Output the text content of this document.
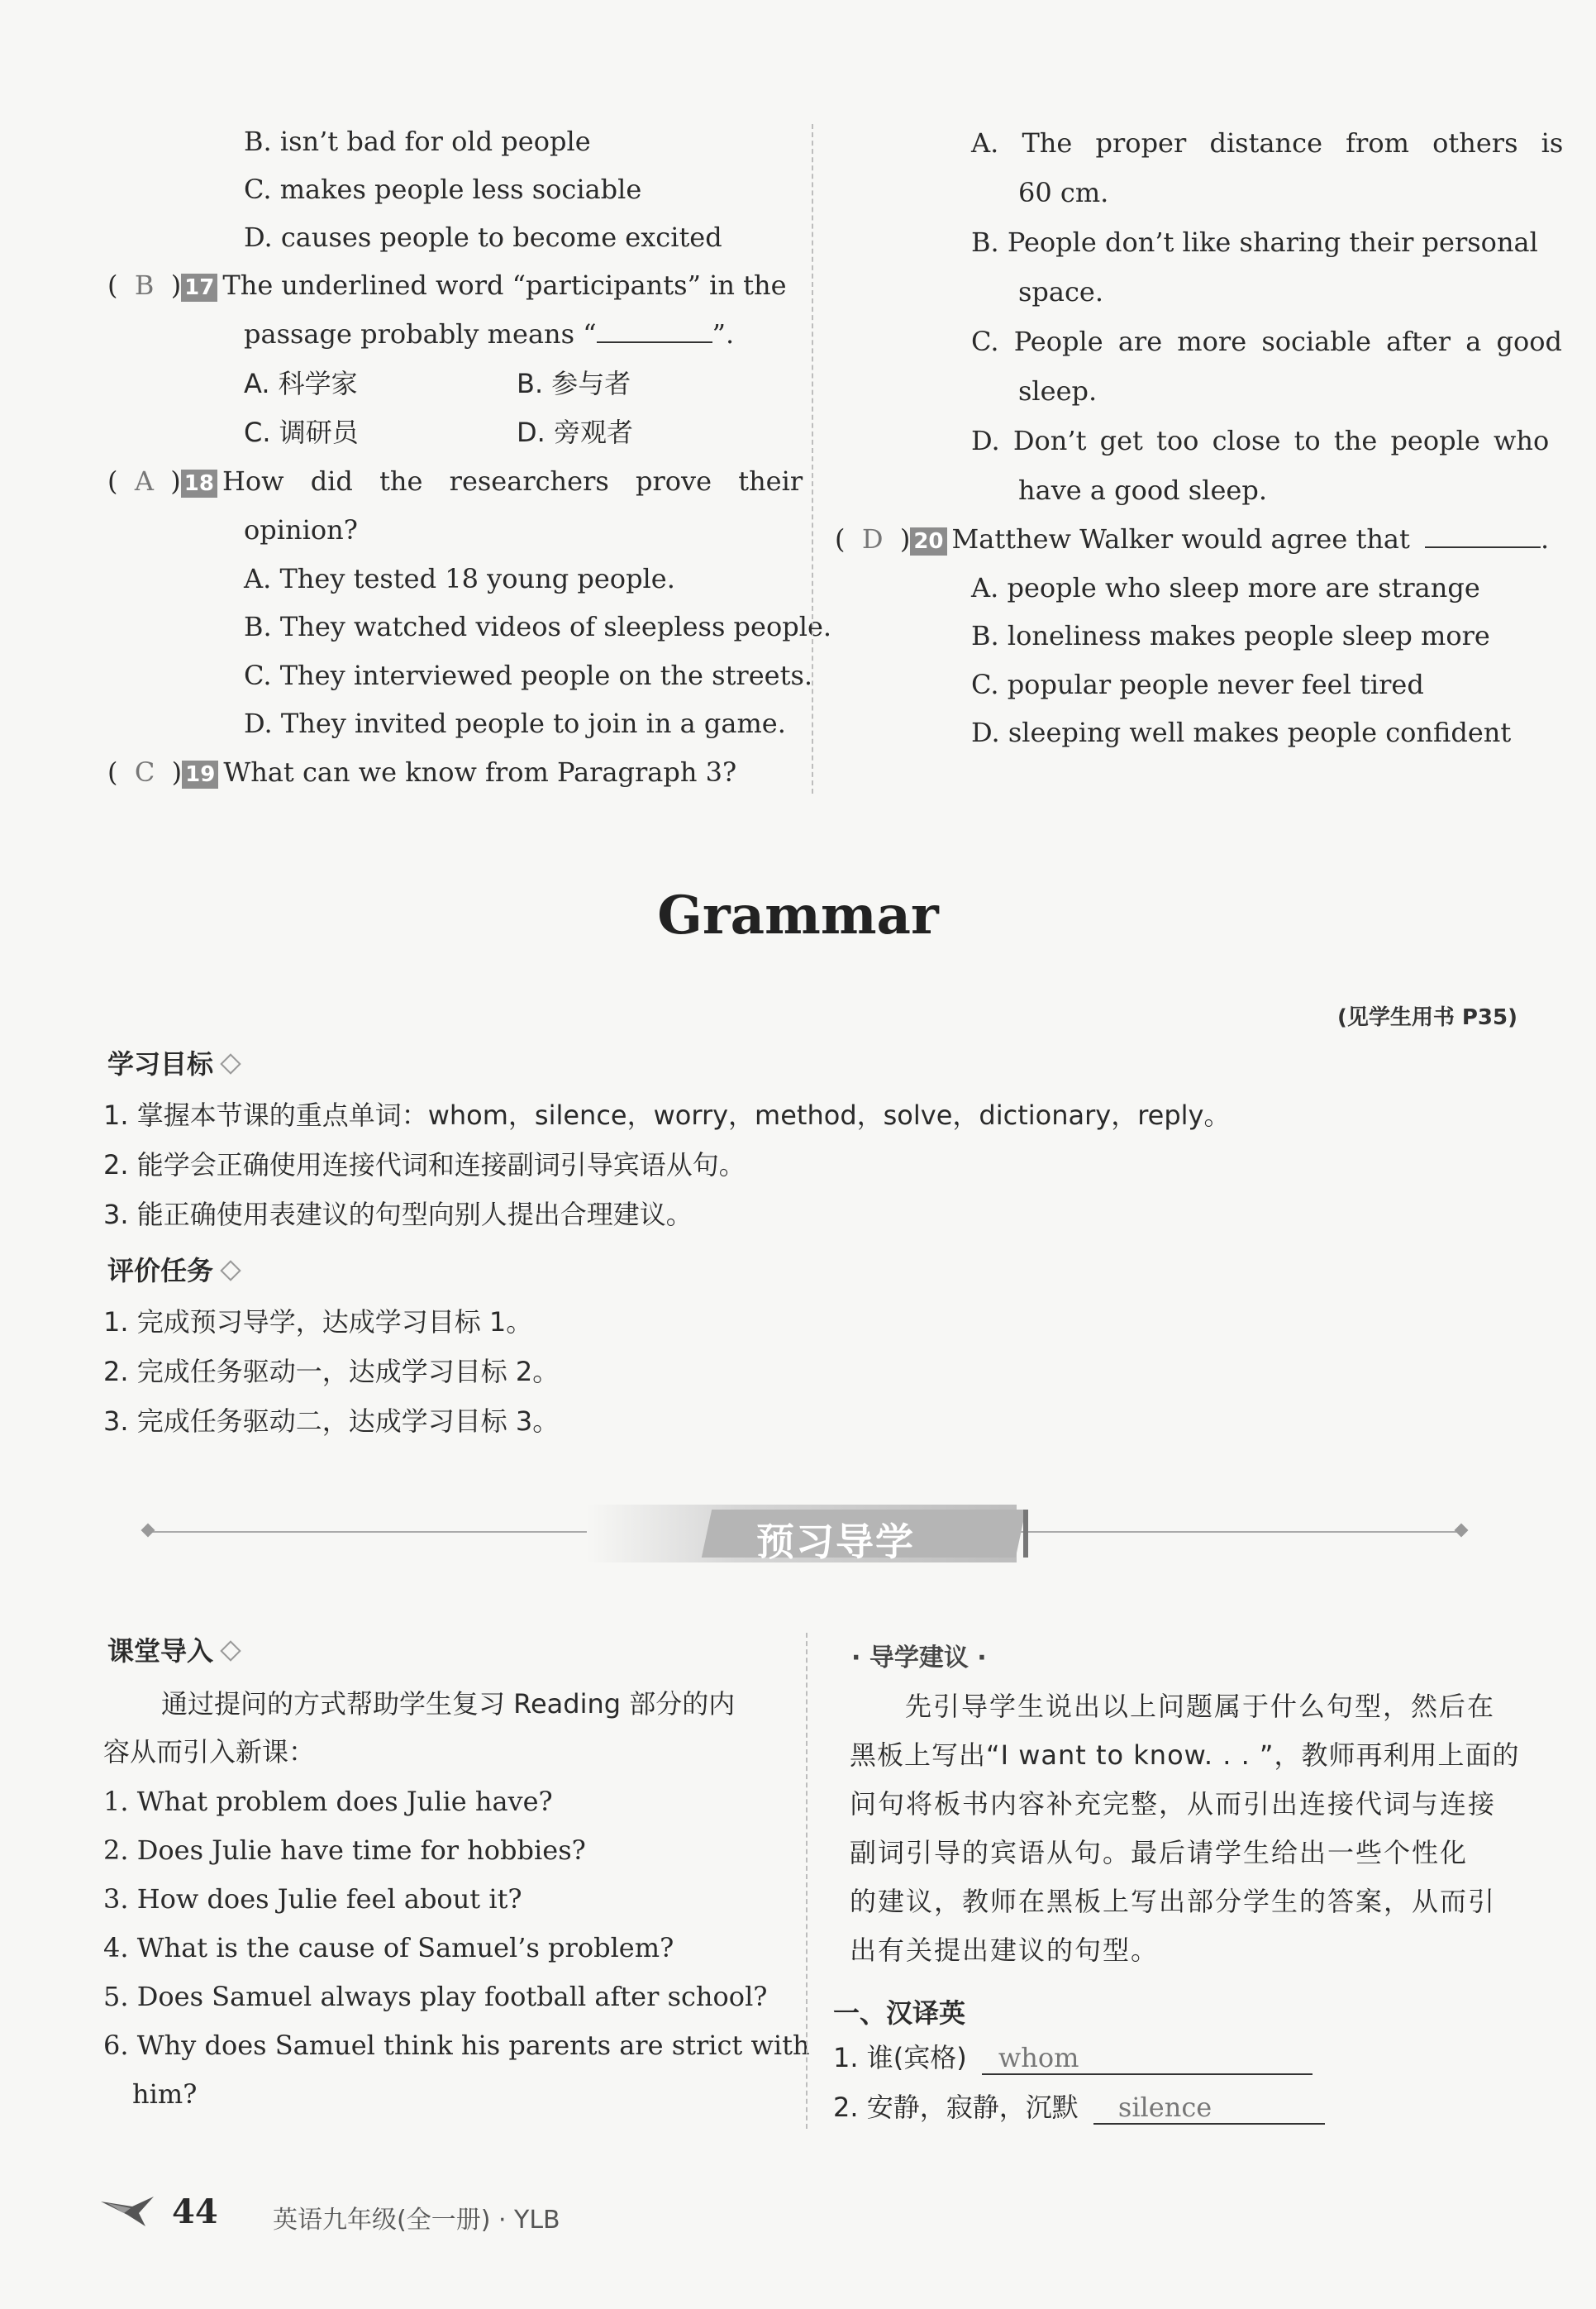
B. isn’t bad for old people
C. makes people less sociable
D. causes people to become excited
(  B  ) 17 The underlined word “participants” in the
passage probably means “	”.
A. 科学家	B. 参与者
C. 调研员	D. 旁观者
(  A  ) 18 How did the researchers prove their
opinion?
A. They tested 18 young people.
B. They watched videos of sleepless people.
C. They interviewed people on the streets.
D. They invited people to join in a game.
(  C  ) 19 What can we know from Paragraph 3?
A. The proper distance from others is
60 cm.
B. People don’t like sharing their personal
space.
C. People are more sociable after a good
sleep.
D. Don’t get too close to the people who
have a good sleep.
(  D  ) 20 Matthew Walker would agree that	.
A. people who sleep more are strange
B. loneliness makes people sleep more
C. popular people never feel tired
D. sleeping well makes people confident
Grammar
(见学生用书 P35)
学习目标
1. 掌握本节课的重点单词：whom，silence，worry，method，solve，dictionary，reply。
2. 能学会正确使用连接代词和连接副词引导宾语从句。
3. 能正确使用表建议的句型向别人提出合理建议。
评价任务
1. 完成预习导学，达成学习目标 1。
2. 完成任务驱动一，达成学习目标 2。
3. 完成任务驱动二，达成学习目标 3。
预习导学
课堂导入
通过提问的方式帮助学生复习 Reading 部分的内
容从而引入新课：
1. What problem does Julie have?
2. Does Julie have time for hobbies?
3. How does Julie feel about it?
4. What is the cause of Samuel’s problem?
5. Does Samuel always play football after school?
6. Why does Samuel think his parents are strict with
him?
· 导学建议 ·
先引导学生说出以上问题属于什么句型，然后在
黑板上写出“I want to know. . . ”，教师再利用上面的
问句将板书内容补充完整，从而引出连接代词与连接
副词引导的宾语从句。最后请学生给出一些个性化
的建议，教师在黑板上写出部分学生的答案，从而引
出有关提出建议的句型。
一、汉译英
1. 谁(宾格) whom
2. 安静，寂静，沉默 silence
44 英语九年级(全一册) · YLB
